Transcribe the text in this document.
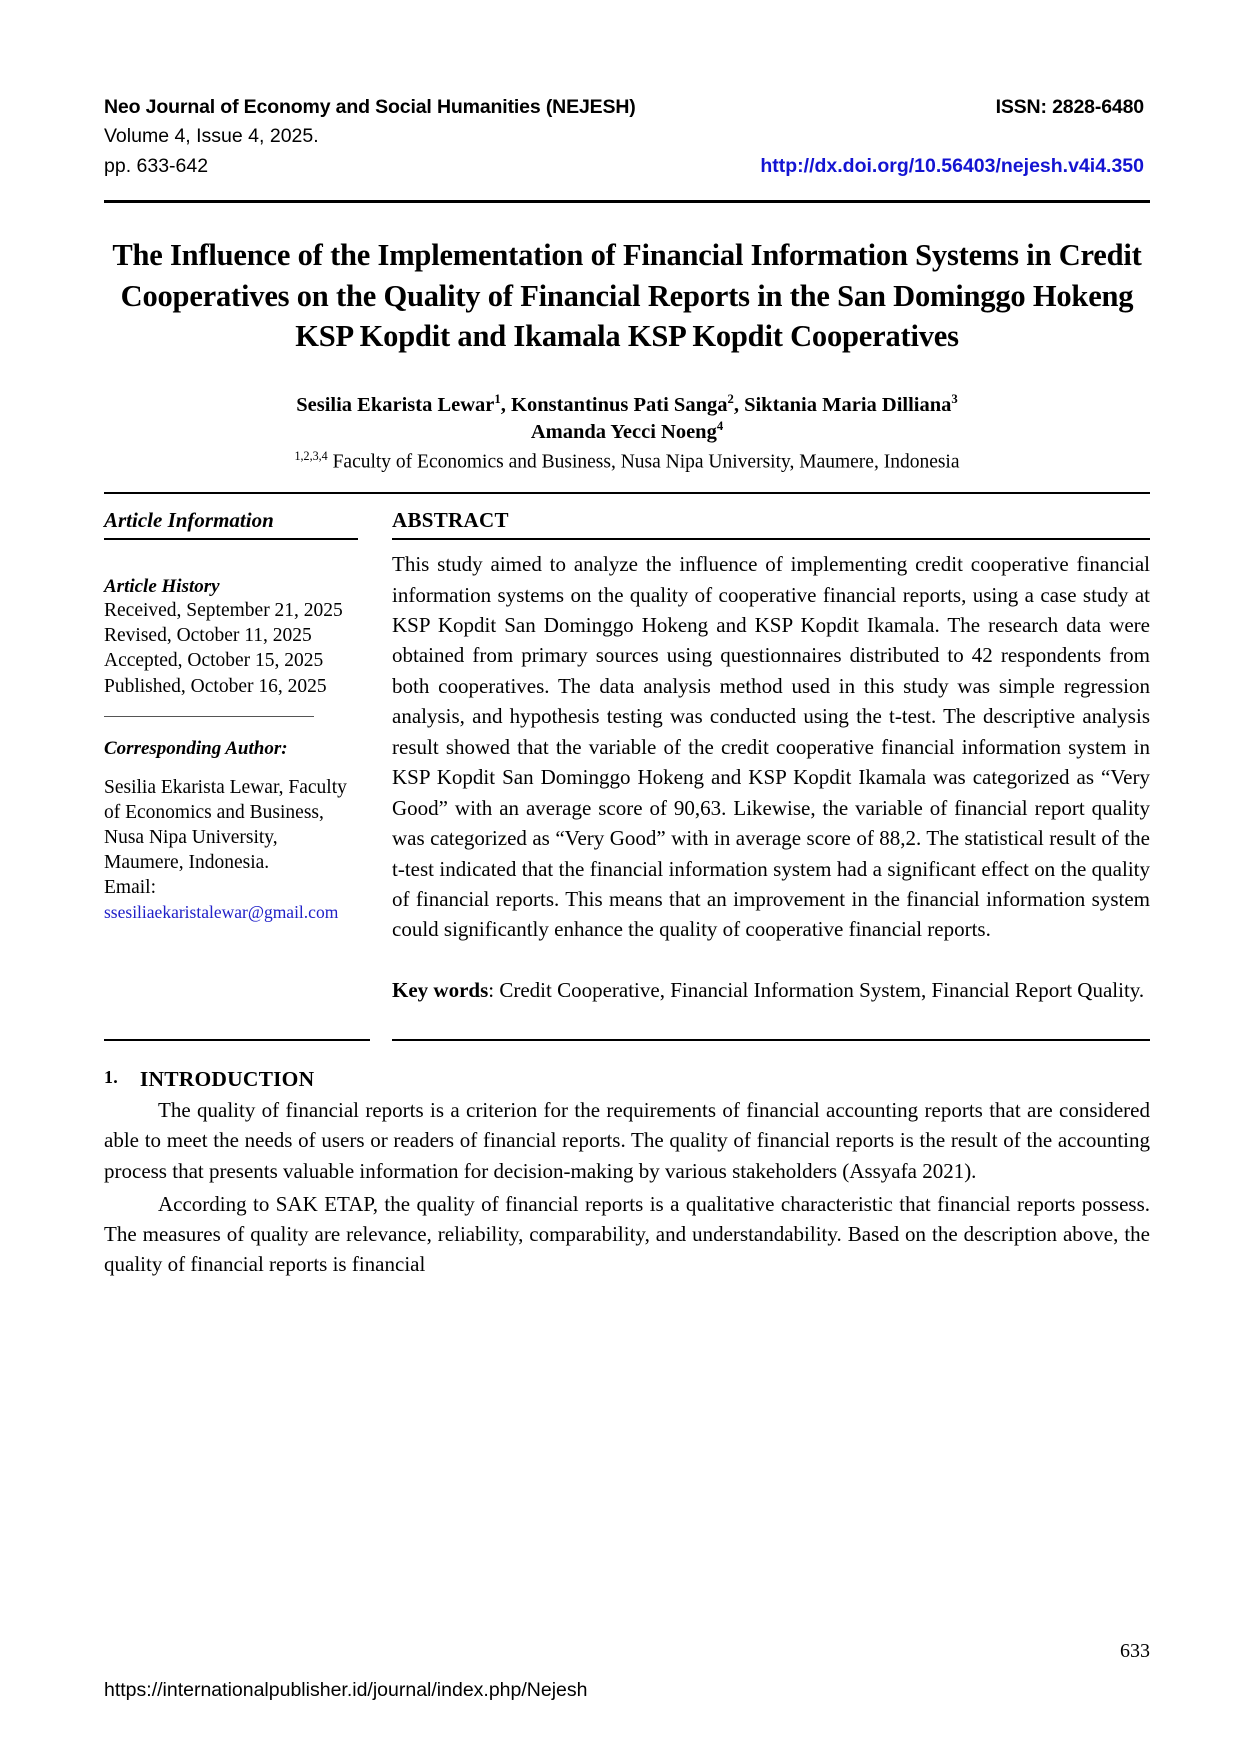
Neo Journal of Economy and Social Humanities (NEJESH)	ISSN: 2828-6480
Volume 4, Issue 4, 2025.
pp. 633-642	http://dx.doi.org/10.56403/nejesh.v4i4.350
The Influence of the Implementation of Financial Information Systems in Credit Cooperatives on the Quality of Financial Reports in the San Dominggo Hokeng KSP Kopdit and Ikamala KSP Kopdit Cooperatives
Sesilia Ekarista Lewar$^1$, Konstantinus Pati Sanga$^2$, Siktania Maria Dilliana$^3$
Amanda Yecci Noeng$^4$
$^{1,2,3,4}$ Faculty of Economics and Business, Nusa Nipa University, Maumere, Indonesia
Article Information
Article History
Received, September 21, 2025
Revised, October 11, 2025
Accepted, October 15, 2025
Published, October 16, 2025
Corresponding Author:
Sesilia Ekarista Lewar, Faculty
of Economics and Business,
Nusa Nipa University,
Maumere, Indonesia.
Email:
ssesiliaekaristalewar@gmail.com
ABSTRACT
This study aimed to analyze the influence of implementing credit cooperative financial information systems on the quality of cooperative financial reports, using a case study at KSP Kopdit San Dominggo Hokeng and KSP Kopdit Ikamala. The research data were obtained from primary sources using questionnaires distributed to 42 respondents from both cooperatives. The data analysis method used in this study was simple regression analysis, and hypothesis testing was conducted using the t-test. The descriptive analysis result showed that the variable of the credit cooperative financial information system in KSP Kopdit San Dominggo Hokeng and KSP Kopdit Ikamala was categorized as “Very Good” with an average score of 90,63. Likewise, the variable of financial report quality was categorized as “Very Good” with in average score of 88,2. The statistical result of the t-test indicated that the financial information system had a significant effect on the quality of financial reports. This means that an improvement in the financial information system could significantly enhance the quality of cooperative financial reports.
Key words: Credit Cooperative, Financial Information System, Financial Report Quality.
1. INTRODUCTION
The quality of financial reports is a criterion for the requirements of financial accounting reports that are considered able to meet the needs of users or readers of financial reports. The quality of financial reports is the result of the accounting process that presents valuable information for decision-making by various stakeholders (Assyafa 2021).
According to SAK ETAP, the quality of financial reports is a qualitative characteristic that financial reports possess. The measures of quality are relevance, reliability, comparability, and understandability. Based on the description above, the quality of financial reports is financial
633
https://internationalpublisher.id/journal/index.php/Nejesh
